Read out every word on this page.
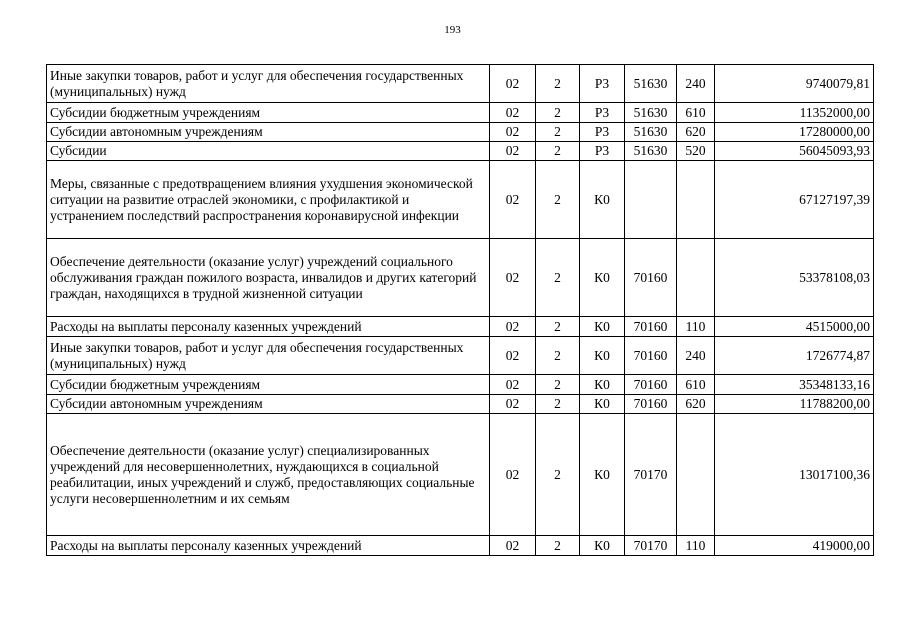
193
Иные закупки товаров, работ и услуг для обеспечения государственных (муниципальных) нужд	02	2	Р3	51630	240	9740079,81
Субсидии бюджетным учреждениям	02	2	Р3	51630	610	11352000,00
Субсидии автономным учреждениям	02	2	Р3	51630	620	17280000,00
Субсидии	02	2	Р3	51630	520	56045093,93
Меры, связанные с предотвращением влияния ухудшения экономической ситуации на развитие отраслей экономики, с профилактикой и устранением последствий распространения коронавирусной инфекции	02	2	К0			67127197,39
Обеспечение деятельности (оказание услуг) учреждений социального обслуживания граждан пожилого возраста, инвалидов и других категорий граждан, находящихся в трудной жизненной ситуации	02	2	К0	70160		53378108,03
Расходы на выплаты персоналу казенных учреждений	02	2	К0	70160	110	4515000,00
Иные закупки товаров, работ и услуг для обеспечения государственных (муниципальных) нужд	02	2	К0	70160	240	1726774,87
Субсидии бюджетным учреждениям	02	2	К0	70160	610	35348133,16
Субсидии автономным учреждениям	02	2	К0	70160	620	11788200,00
Обеспечение деятельности (оказание услуг) специализированных учреждений для несовершеннолетних, нуждающихся в социальной реабилитации, иных учреждений и служб, предоставляющих социальные услуги несовершеннолетним и их семьям	02	2	К0	70170		13017100,36
Расходы на выплаты персоналу казенных учреждений	02	2	К0	70170	110	419000,00
